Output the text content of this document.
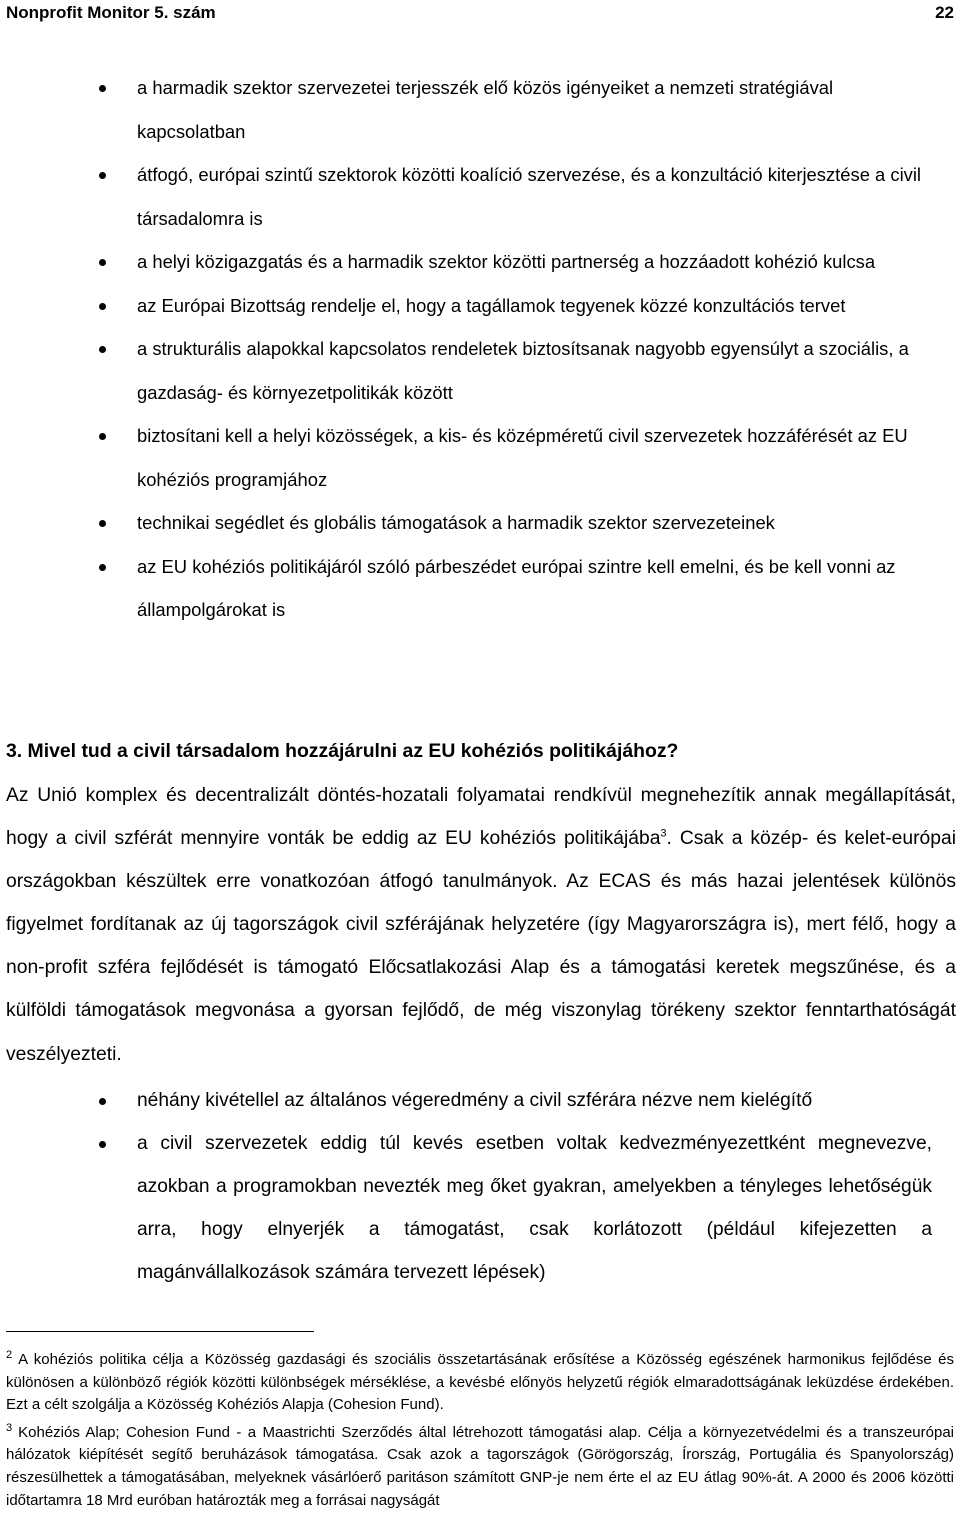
Nonprofit Monitor 5. szám	22
a harmadik szektor szervezetei terjesszék elő közös igényeiket a nemzeti stratégiával kapcsolatban
átfogó, európai szintű szektorok közötti koalíció szervezése, és a konzultáció kiterjesztése a civil társadalomra is
a helyi közigazgatás és a harmadik szektor közötti partnerség a hozzáadott kohézió kulcsa
az Európai Bizottság rendelje el, hogy a tagállamok tegyenek közzé konzultációs tervet
a strukturális alapokkal kapcsolatos rendeletek biztosítsanak nagyobb egyensúlyt a szociális, a gazdaság- és környezetpolitikák között
biztosítani kell a helyi közösségek, a kis- és középméretű civil szervezetek hozzáférését az EU kohéziós programjához
technikai segédlet és globális támogatások a harmadik szektor szervezeteinek
az EU kohéziós politikájáról szóló párbeszédet európai szintre kell emelni, és be kell vonni az állampolgárokat is
3. Mivel tud a civil társadalom hozzájárulni az EU kohéziós politikájához?

Az Unió komplex és decentralizált döntés-hozatali folyamatai rendkívül megnehezítik annak megállapítását, hogy a civil szférát mennyire vonták be eddig az EU kohéziós politikájába$^3$. Csak a közép- és kelet-európai országokban készültek erre vonatkozóan átfogó tanulmányok. Az ECAS és más hazai jelentések különös figyelmet fordítanak az új tagországok civil szférájának helyzetére (így Magyarországra is), mert félő, hogy a non-profit szféra fejlődését is támogató Előcsatlakozási Alap és a támogatási keretek megszűnése, és a külföldi támogatások megvonása a gyorsan fejlődő, de még viszonylag törékeny szektor fenntarthatóságát veszélyezteti.

néhány kivétellel az általános végeredmény a civil szférára nézve nem kielégítő
a civil szervezetek eddig túl kevés esetben voltak kedvezményezettként megnevezve, azokban a programokban nevezték meg őket gyakran, amelyekben a tényleges lehetőségük arra, hogy elnyerjék a támogatást, csak korlátozott (például kifejezetten a magánvállalkozások számára tervezett lépések)

$^2$ A kohéziós politika célja a Közösség gazdasági és szociális összetartásának erősítése a Közösség egészének harmonikus fejlődése és különösen a különböző régiók közötti különbségek mérséklése, a kevésbé előnyös helyzetű régiók elmaradottságának leküzdése érdekében. Ezt a célt szolgálja a Közösség Kohéziós Alapja (Cohesion Fund).

$^3$ Kohéziós Alap; Cohesion Fund - a Maastrichti Szerződés által létrehozott támogatási alap. Célja a környezetvédelmi és a transzeurópai hálózatok kiépítését segítő beruházások támogatása. Csak azok a tagországok (Görögország, Írország, Portugália és Spanyolország) részesülhettek a támogatásában, melyeknek vásárlóerő paritáson számított GNP-je nem érte el az EU átlag 90%-át. A 2000 és 2006 közötti időtartamra 18 Mrd euróban határozták meg a forrásai nagyságát
